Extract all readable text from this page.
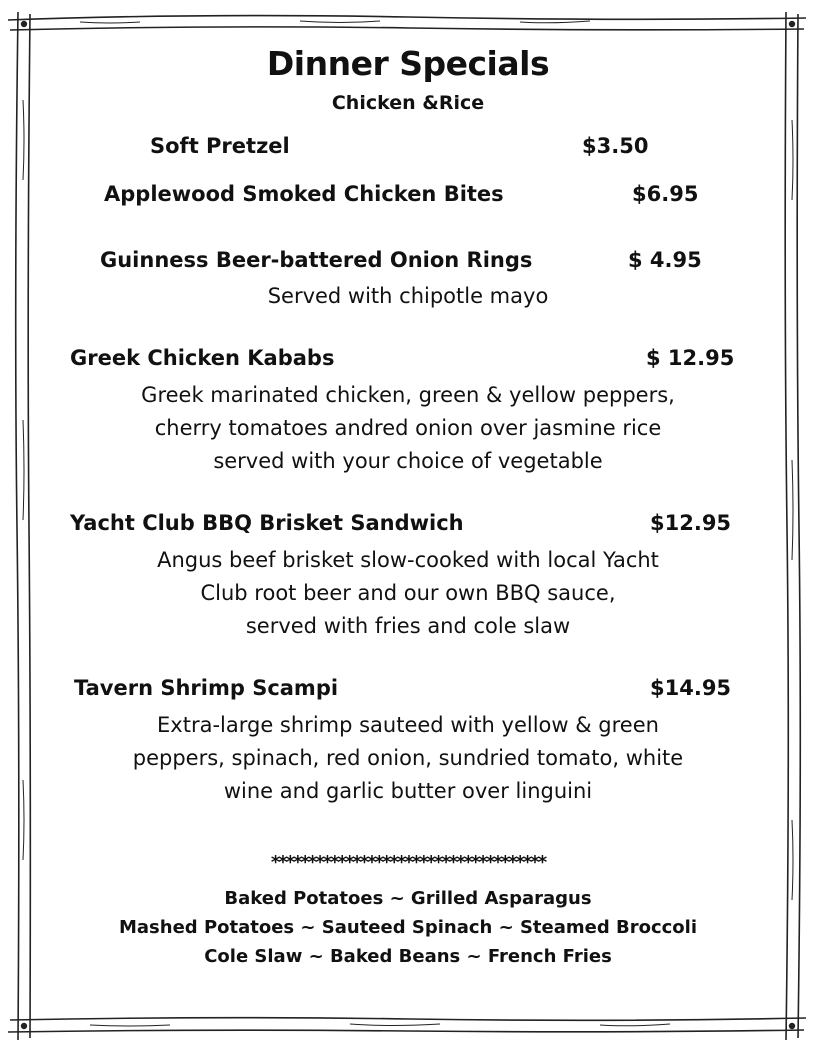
Dinner Specials
Chicken &Rice
Soft Pretzel	$3.50
Applewood Smoked Chicken Bites	$6.95
Guinness Beer-battered Onion Rings	$ 4.95
Served with chipotle mayo
Greek Chicken Kababs	$ 12.95
Greek marinated chicken, green & yellow peppers,
cherry tomatoes andred onion over jasmine rice
served with your choice of vegetable
Yacht Club BBQ Brisket Sandwich	$12.95
Angus beef brisket slow-cooked with local Yacht
Club root beer and our own BBQ sauce,
served with fries and cole slaw
Tavern Shrimp Scampi	$14.95
Extra-large shrimp sauteed with yellow & green
peppers, spinach, red onion, sundried tomato, white
wine and garlic butter over linguini
*************************************
Baked Potatoes ~ Grilled Asparagus
Mashed Potatoes ~ Sauteed Spinach ~ Steamed Broccoli
Cole Slaw ~ Baked Beans ~ French Fries
